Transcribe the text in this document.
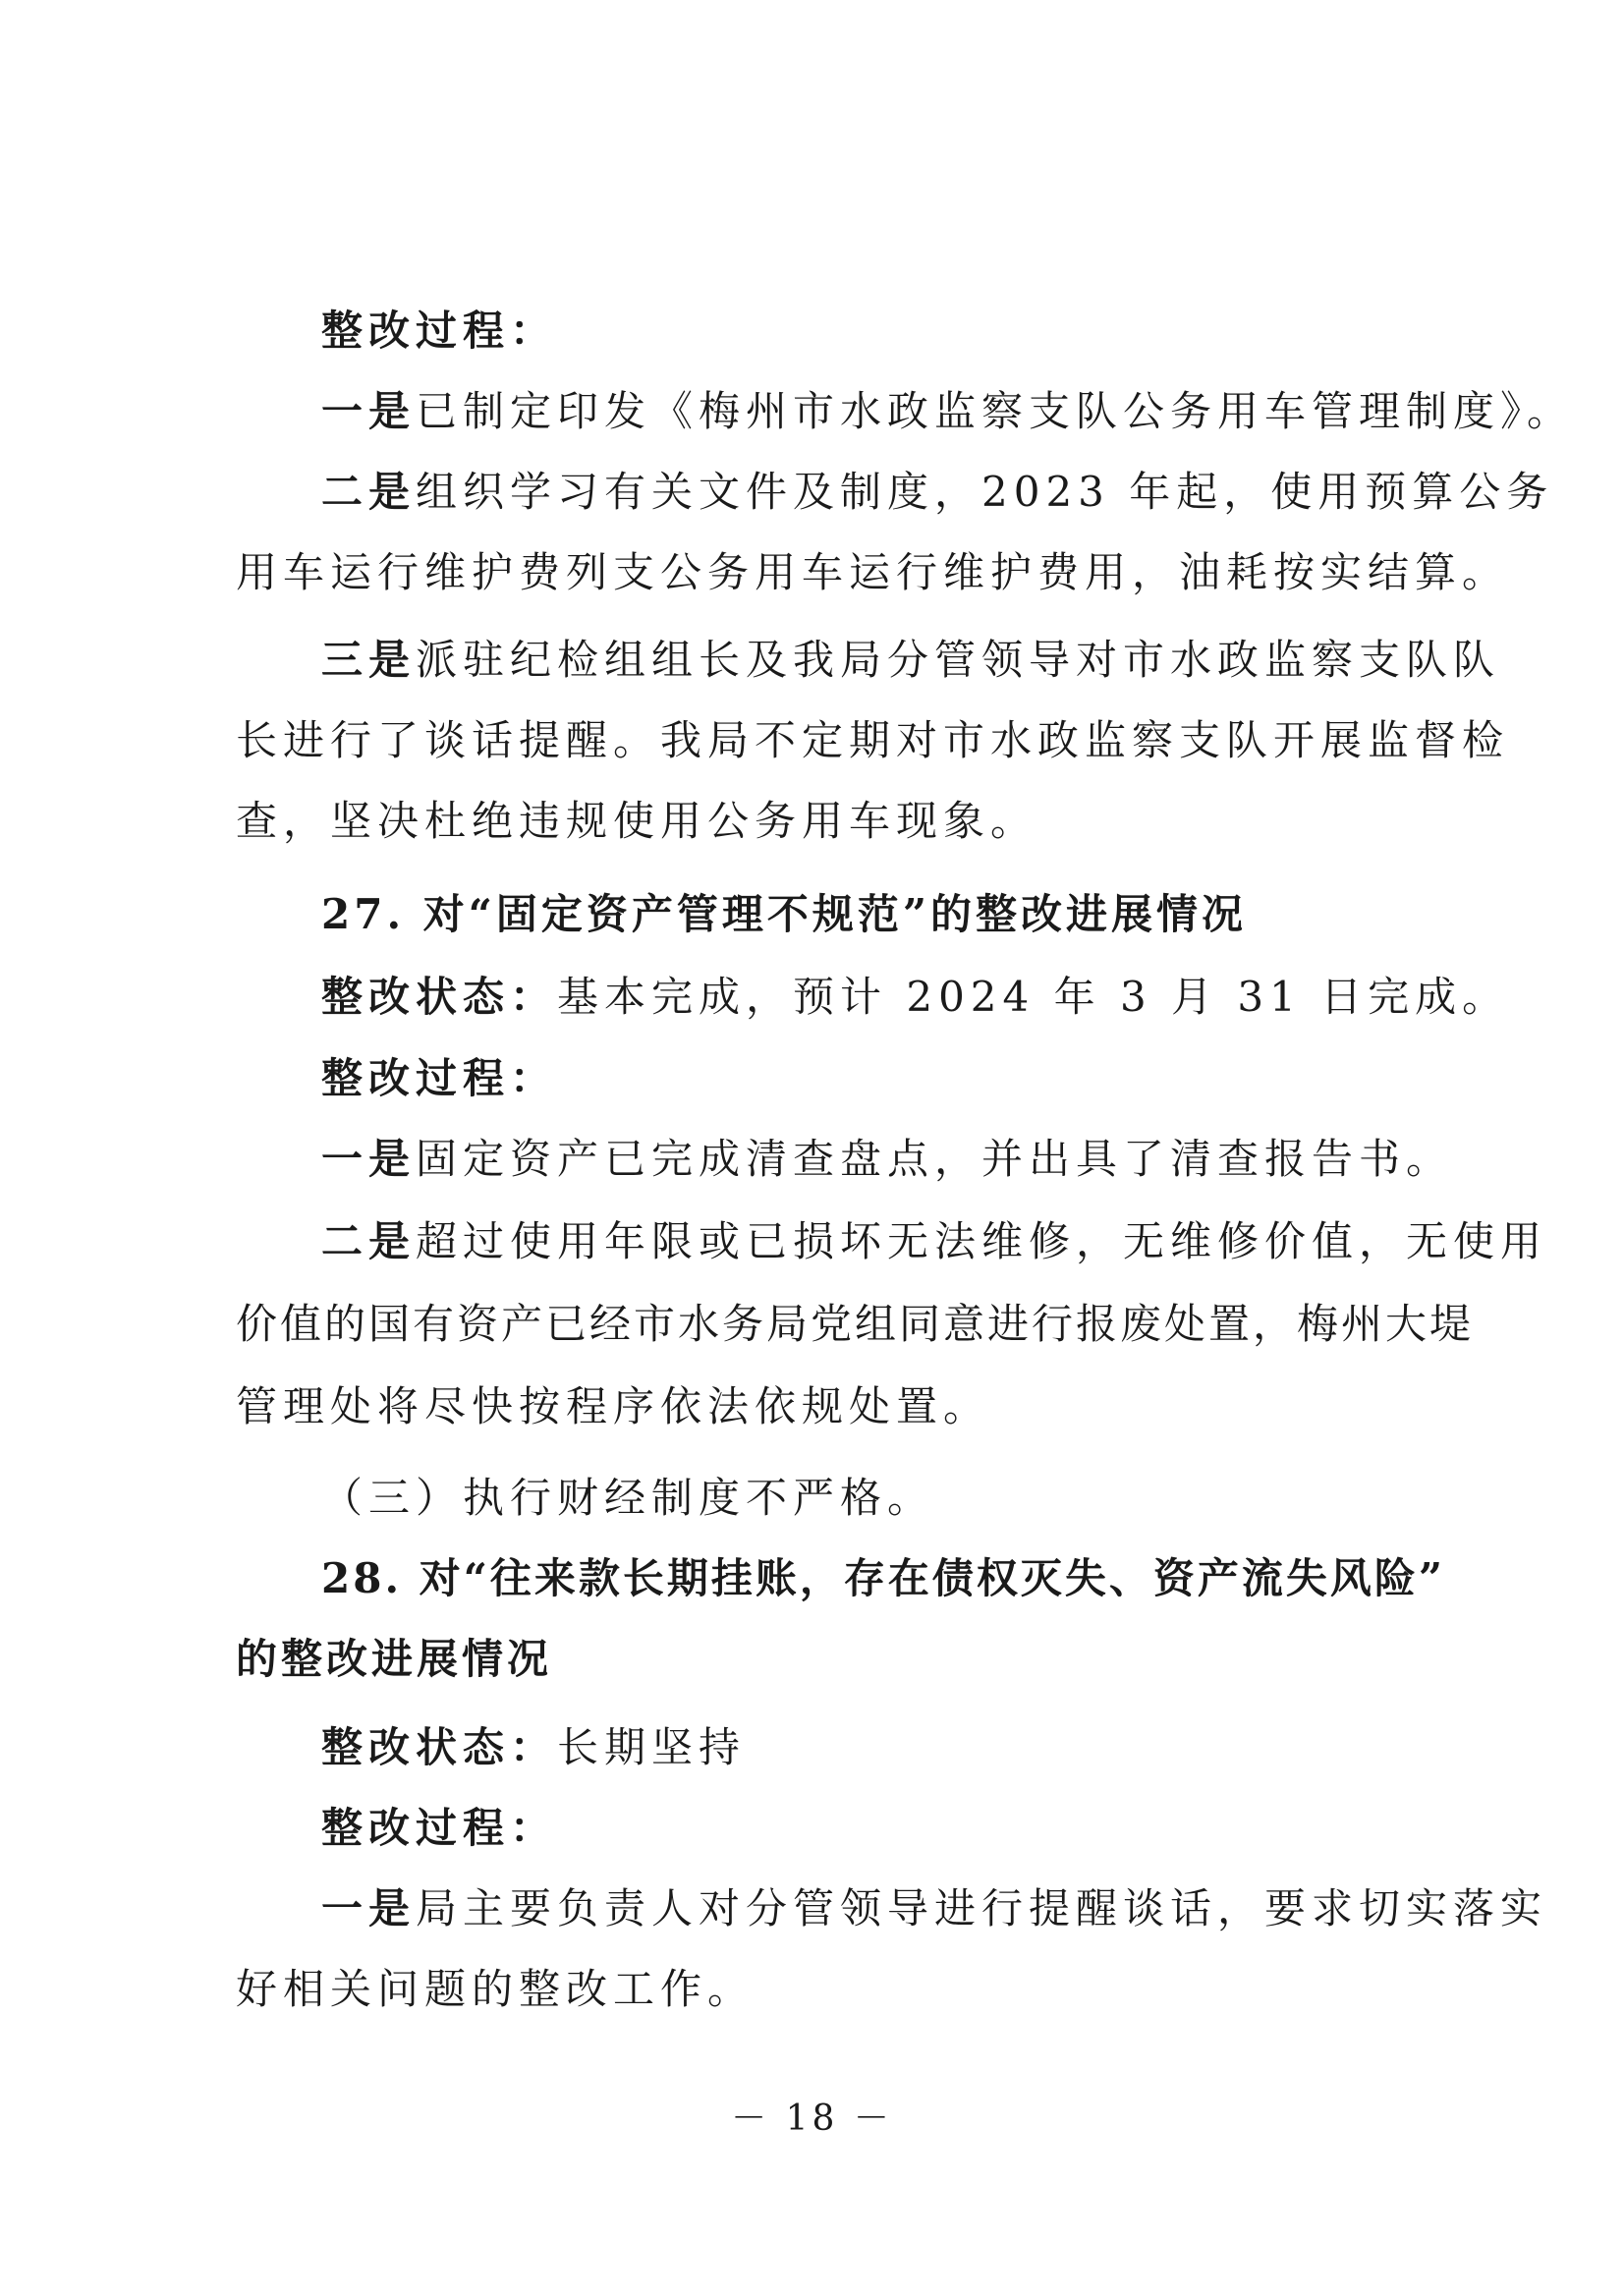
整改过程：
一是已制定印发《梅州市水政监察支队公务用车管理制度》。
二是组织学习有关文件及制度，2023 年起，使用预算公务
用车运行维护费列支公务用车运行维护费用，油耗按实结算。
三是派驻纪检组组长及我局分管领导对市水政监察支队队
长进行了谈话提醒。我局不定期对市水政监察支队开展监督检
查，坚决杜绝违规使用公务用车现象。
27. 对“固定资产管理不规范”的整改进展情况
整改状态：基本完成，预计 2024 年 3 月 31 日完成。
整改过程：
一是固定资产已完成清查盘点，并出具了清查报告书。
二是超过使用年限或已损坏无法维修，无维修价值，无使用
价值的国有资产已经市水务局党组同意进行报废处置，梅州大堤
管理处将尽快按程序依法依规处置。
（三）执行财经制度不严格。
28. 对“往来款长期挂账，存在债权灭失、资产流失风险”
的整改进展情况
整改状态：长期坚持
整改过程：
一是局主要负责人对分管领导进行提醒谈话，要求切实落实
好相关问题的整改工作。
－ 18 －
